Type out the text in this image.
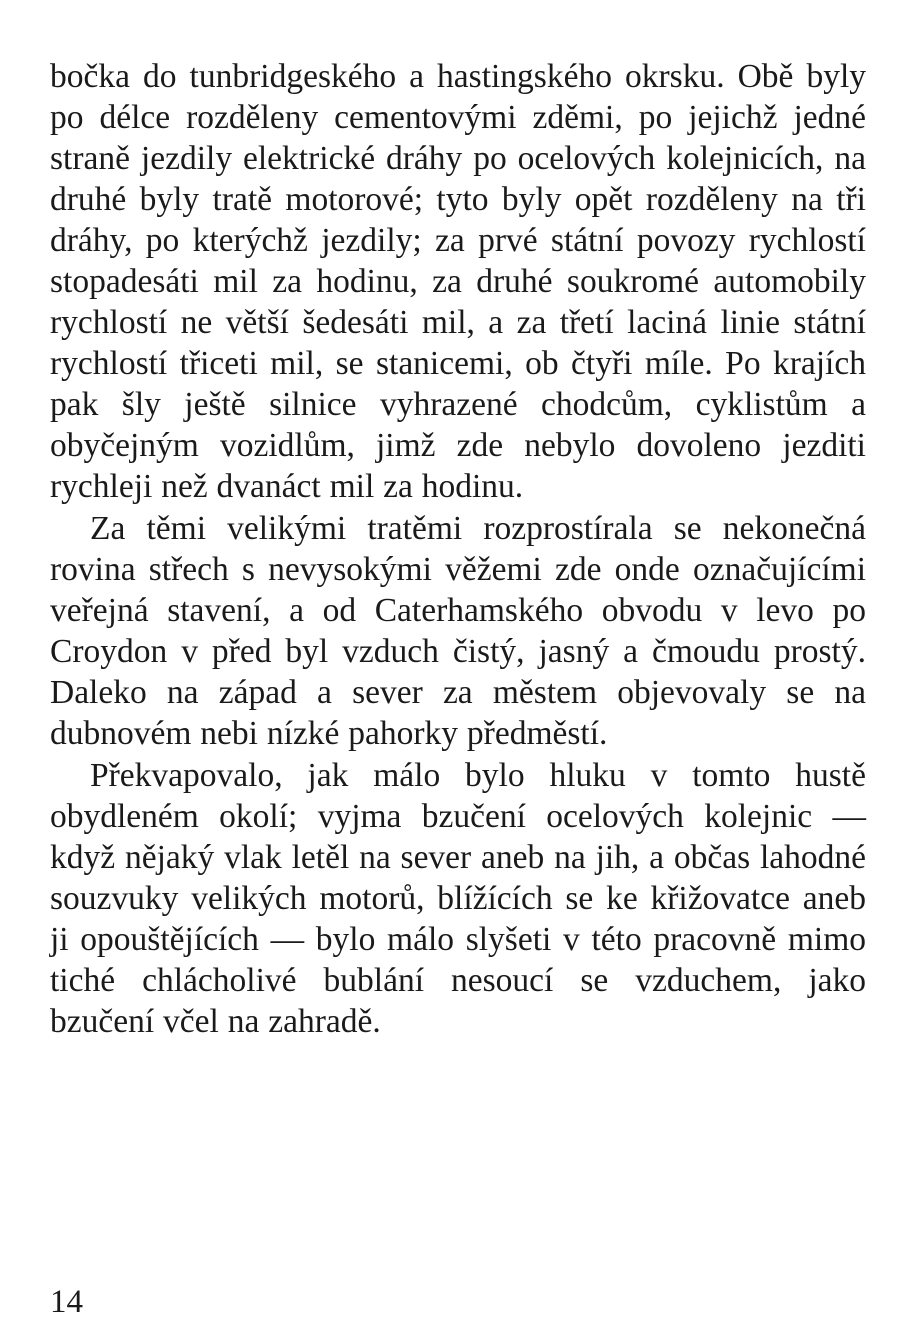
bočka do tunbridgeského a hastingského okrsku. Obě byly po délce rozděleny cementovými zděmi, po jejichž jedné straně jezdily elektrické dráhy po ocelových kolejnicích, na druhé byly tratě motorové; tyto byly opět rozděleny na tři dráhy, po kterýchž jezdily; za prvé státní povozy rychlostí stopadesáti mil za hodinu, za druhé soukromé automobily rychlostí ne větší šedesáti mil, a za třetí laciná linie státní rychlostí třiceti mil, se stanicemi, ob čtyři míle. Po krajích pak šly ještě silnice vyhrazené chodcům, cyklistům a obyčejným vozidlům, jimž zde nebylo dovoleno jezditi rychleji než dvanáct mil za hodinu.

Za těmi velikými tratěmi rozprostírala se nekonečná rovina střech s nevysokými věžemi zde onde označujícími veřejná stavení, a od Caterhamského obvodu v levo po Croydon v před byl vzduch čistý, jasný a čmoudu prostý. Daleko na západ a sever za městem objevovaly se na dubnovém nebi nízké pahorky předměstí.

Překvapovalo, jak málo bylo hluku v tomto hustě obydleném okolí; vyjma bzučení ocelových kolejnic — když nějaký vlak letěl na sever aneb na jih, a občas lahodné souzvuky velikých motorů, blížících se ke křižovatce aneb ji opouštějících — bylo málo slyšeti v této pracovně mimo tiché chlácholivé bublání nesoucí se vzduchem, jako bzučení včel na zahradě.

14
